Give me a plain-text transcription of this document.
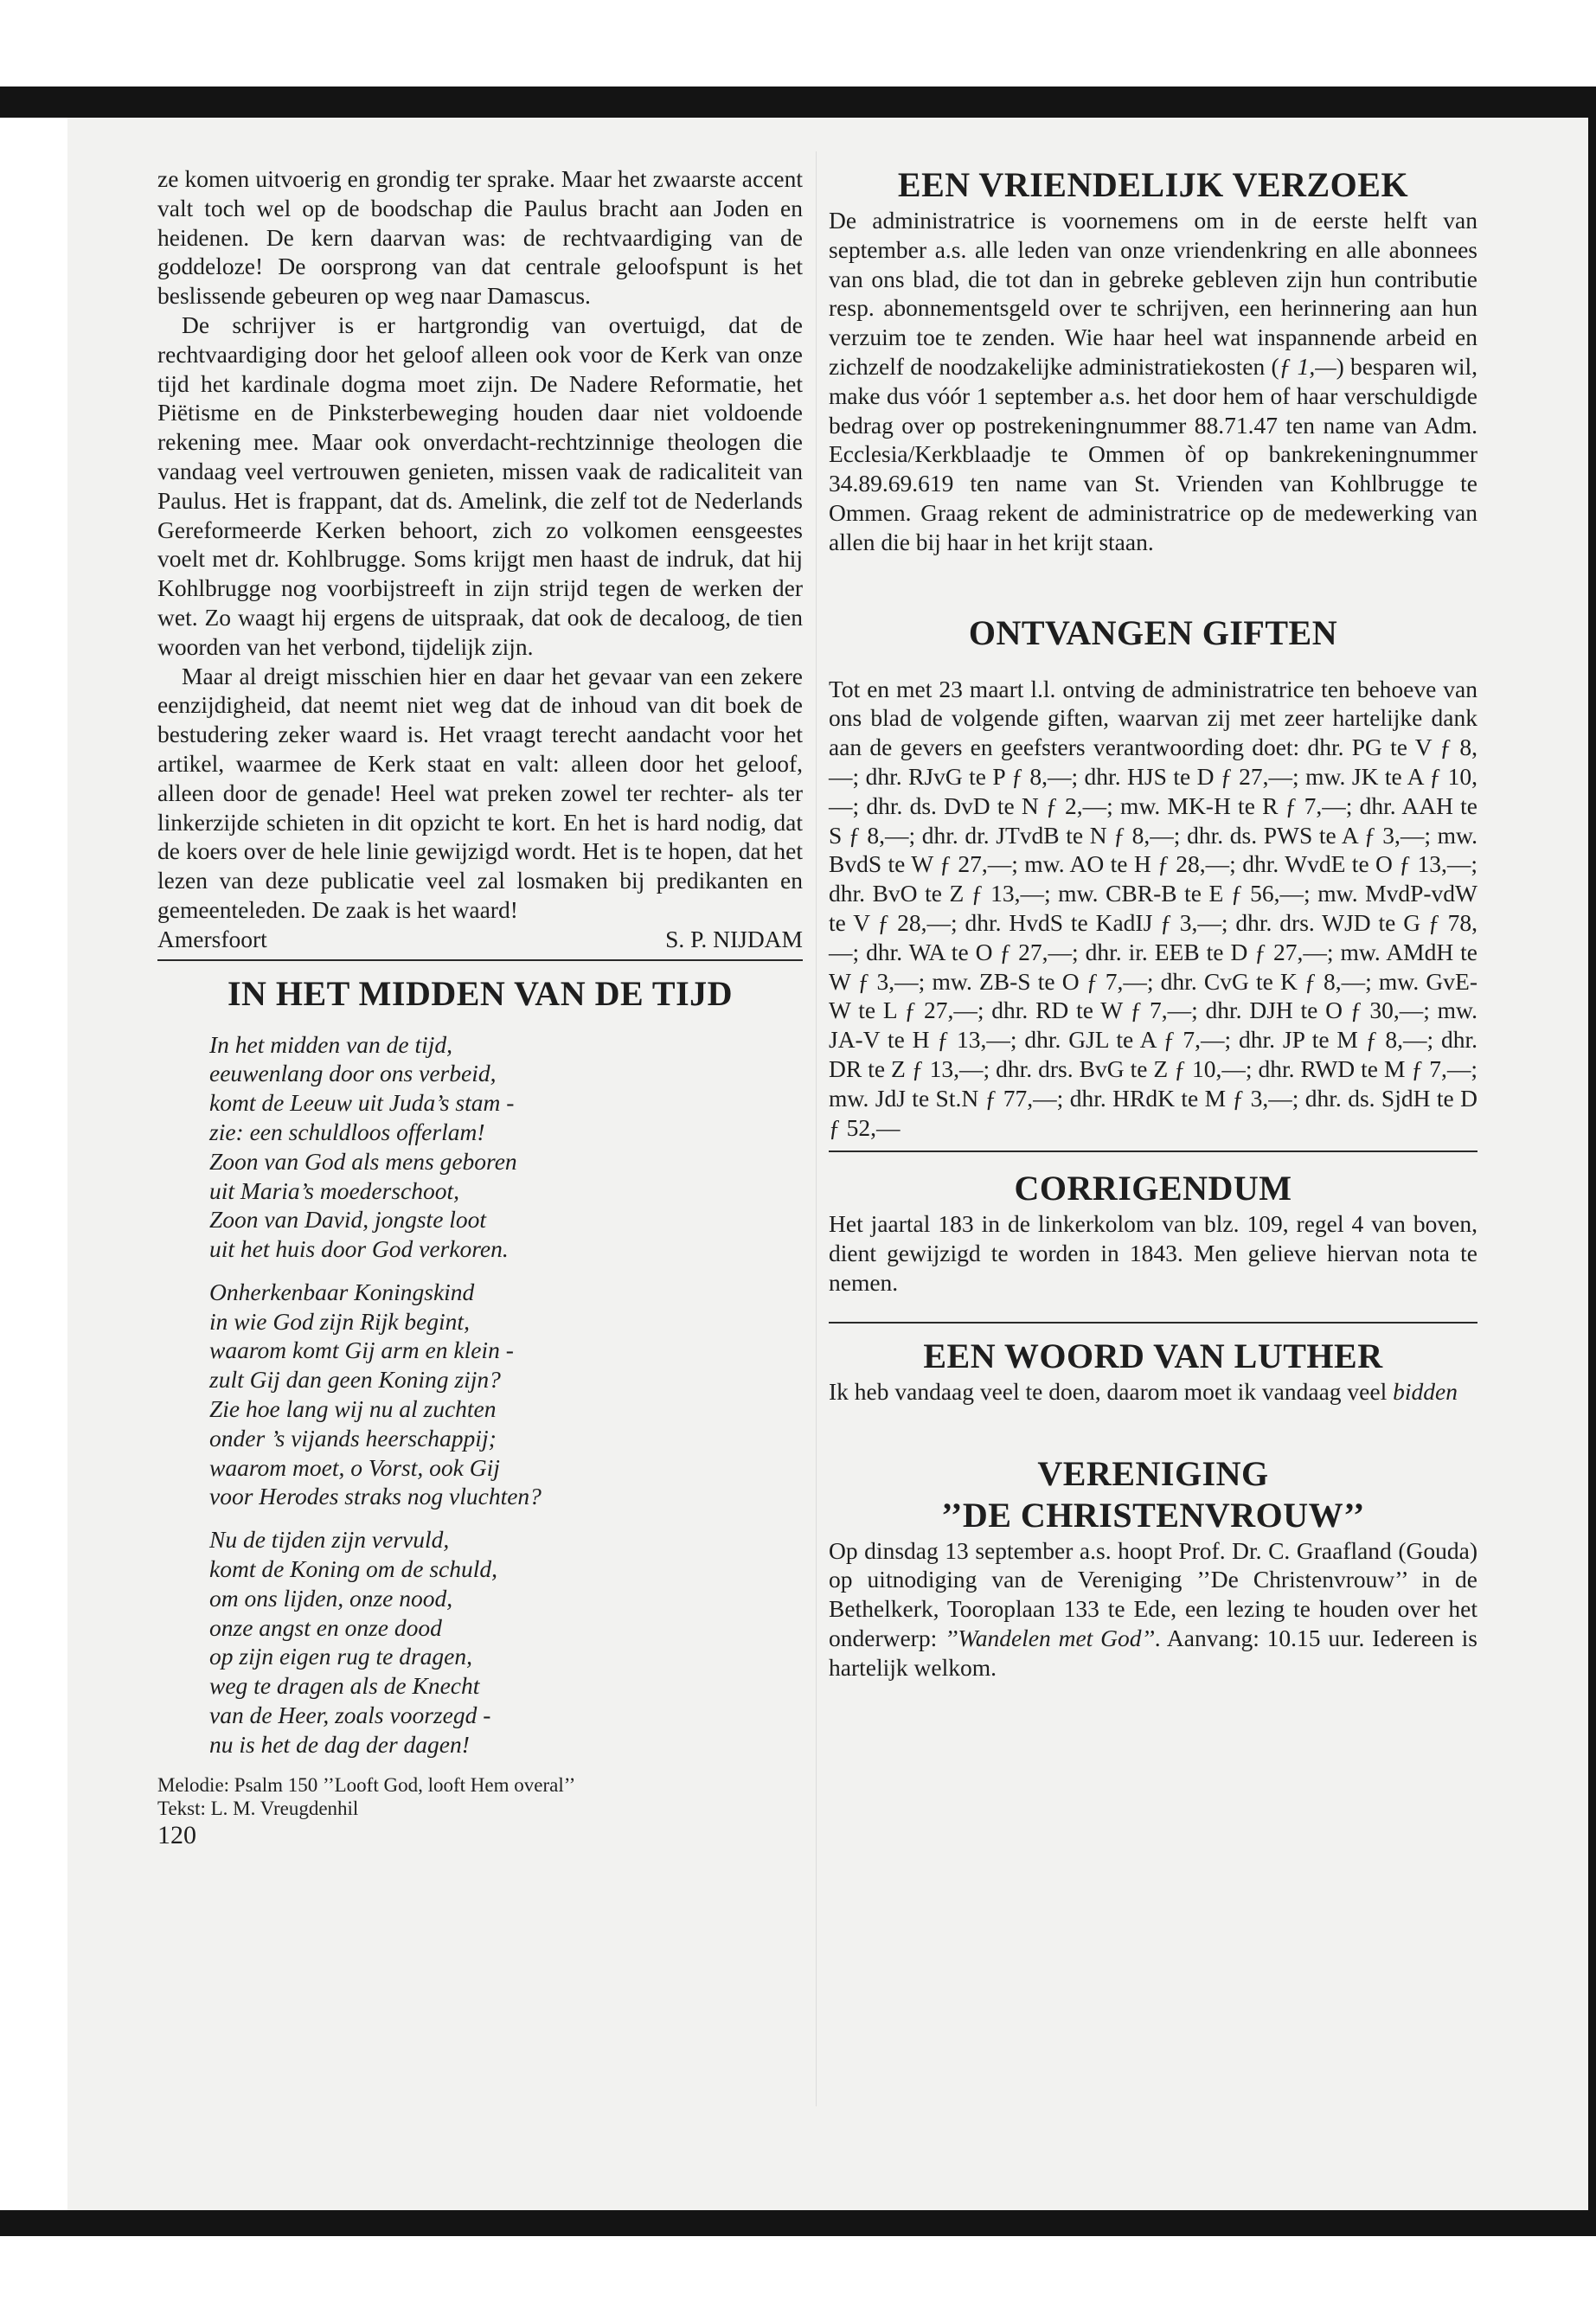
ze komen uitvoerig en grondig ter sprake. Maar het zwaarste accent valt toch wel op de boodschap die Paulus bracht aan Joden en heidenen. De kern daarvan was: de rechtvaardiging van de goddeloze! De oorsprong van dat centrale geloofspunt is het beslissende gebeuren op weg naar Damascus.

De schrijver is er hartgrondig van overtuigd, dat de rechtvaardiging door het geloof alleen ook voor de Kerk van onze tijd het kardinale dogma moet zijn. De Nadere Reformatie, het Piëtisme en de Pinksterbeweging houden daar niet voldoende rekening mee. Maar ook onverdacht-rechtzinnige theologen die vandaag veel vertrouwen genieten, missen vaak de radicaliteit van Paulus. Het is frappant, dat ds. Amelink, die zelf tot de Nederlands Gereformeerde Kerken behoort, zich zo volkomen eensgeestes voelt met dr. Kohlbrugge. Soms krijgt men haast de indruk, dat hij Kohlbrugge nog voorbijstreeft in zijn strijd tegen de werken der wet. Zo waagt hij ergens de uitspraak, dat ook de decaloog, de tien woorden van het verbond, tijdelijk zijn.

Maar al dreigt misschien hier en daar het gevaar van een zekere eenzijdigheid, dat neemt niet weg dat de inhoud van dit boek de bestudering zeker waard is. Het vraagt terecht aandacht voor het artikel, waarmee de Kerk staat en valt: alleen door het geloof, alleen door de genade! Heel wat preken zowel ter rechter- als ter linkerzijde schieten in dit opzicht te kort. En het is hard nodig, dat de koers over de hele linie gewijzigd wordt. Het is te hopen, dat het lezen van deze publicatie veel zal losmaken bij predikanten en gemeenteleden. De zaak is het waard!

Amersfoort	S. P. NIJDAM
IN HET MIDDEN VAN DE TIJD
In het midden van de tijd,
eeuwenlang door ons verbeid,
komt de Leeuw uit Juda’s stam -
zie: een schuldloos offerlam!
Zoon van God als mens geboren
uit Maria’s moederschoot,
Zoon van David, jongste loot
uit het huis door God verkoren.
Onherkenbaar Koningskind
in wie God zijn Rijk begint,
waarom komt Gij arm en klein -
zult Gij dan geen Koning zijn?
Zie hoe lang wij nu al zuchten
onder ’s vijands heerschappij;
waarom moet, o Vorst, ook Gij
voor Herodes straks nog vluchten?
Nu de tijden zijn vervuld,
komt de Koning om de schuld,
om ons lijden, onze nood,
onze angst en onze dood
op zijn eigen rug te dragen,
weg te dragen als de Knecht
van de Heer, zoals voorzegd -
nu is het de dag der dagen!
Melodie: Psalm 150 ’’Looft God, looft Hem overal’’
Tekst: L. M. Vreugdenhil
120
EEN VRIENDELIJK VERZOEK

De administratrice is voornemens om in de eerste helft van september a.s. alle leden van onze vriendenkring en alle abonnees van ons blad, die tot dan in gebreke gebleven zijn hun contributie resp. abonnementsgeld over te schrijven, een herinnering aan hun verzuim toe te zenden. Wie haar heel wat inspannende arbeid en zichzelf de noodzakelijke administratiekosten (ƒ 1,—) besparen wil, make dus vóór 1 september a.s. het door hem of haar verschuldigde bedrag over op postrekeningnummer 88.71.47 ten name van Adm. Ecclesia/Kerkblaadje te Ommen òf op bankrekeningnummer 34.89.69.619 ten name van St. Vrienden van Kohlbrugge te Ommen. Graag rekent de administratrice op de medewerking van allen die bij haar in het krijt staan.

ONTVANGEN GIFTEN

Tot en met 23 maart l.l. ontving de administratrice ten behoeve van ons blad de volgende giften, waarvan zij met zeer hartelijke dank aan de gevers en geefsters verantwoording doet: dhr. PG te V ƒ 8,—; dhr. RJvG te P ƒ 8,—; dhr. HJS te D ƒ 27,—; mw. JK te A ƒ 10,—; dhr. ds. DvD te N ƒ 2,—; mw. MK-H te R ƒ 7,—; dhr. AAH te S ƒ 8,—; dhr. dr. JTvdB te N ƒ 8,—; dhr. ds. PWS te A ƒ 3,—; mw. BvdS te W ƒ 27,—; mw. AO te H ƒ 28,—; dhr. WvdE te O ƒ 13,—; dhr. BvO te Z ƒ 13,—; mw. CBR-B te E ƒ 56,—; mw. MvdP-vdW te V ƒ 28,—; dhr. HvdS te KadIJ ƒ 3,—; dhr. drs. WJD te G ƒ 78,—; dhr. WA te O ƒ 27,—; dhr. ir. EEB te D ƒ 27,—; mw. AMdH te W ƒ 3,—; mw. ZB-S te O ƒ 7,—; dhr. CvG te K ƒ 8,—; mw. GvE-W te L ƒ 27,—; dhr. RD te W ƒ 7,—; dhr. DJH te O ƒ 30,—; mw. JA-V te H ƒ 13,—; dhr. GJL te A ƒ 7,—; dhr. JP te M ƒ 8,—; dhr. DR te Z ƒ 13,—; dhr. drs. BvG te Z ƒ 10,—; dhr. RWD te M ƒ 7,—; mw. JdJ te St.N ƒ 77,—; dhr. HRdK te M ƒ 3,—; dhr. ds. SjdH te D ƒ 52,—

CORRIGENDUM

Het jaartal 183 in de linkerkolom van blz. 109, regel 4 van boven, dient gewijzigd te worden in 1843. Men gelieve hiervan nota te nemen.

EEN WOORD VAN LUTHER

Ik heb vandaag veel te doen, daarom moet ik vandaag veel bidden

VERENIGING
’’DE CHRISTENVROUW’’

Op dinsdag 13 september a.s. hoopt Prof. Dr. C. Graafland (Gouda) op uitnodiging van de Vereniging ’’De Christenvrouw’’ in de Bethelkerk, Tooroplaan 133 te Ede, een lezing te houden over het onderwerp: ’’Wandelen met God’’. Aanvang: 10.15 uur. Iedereen is hartelijk welkom.
